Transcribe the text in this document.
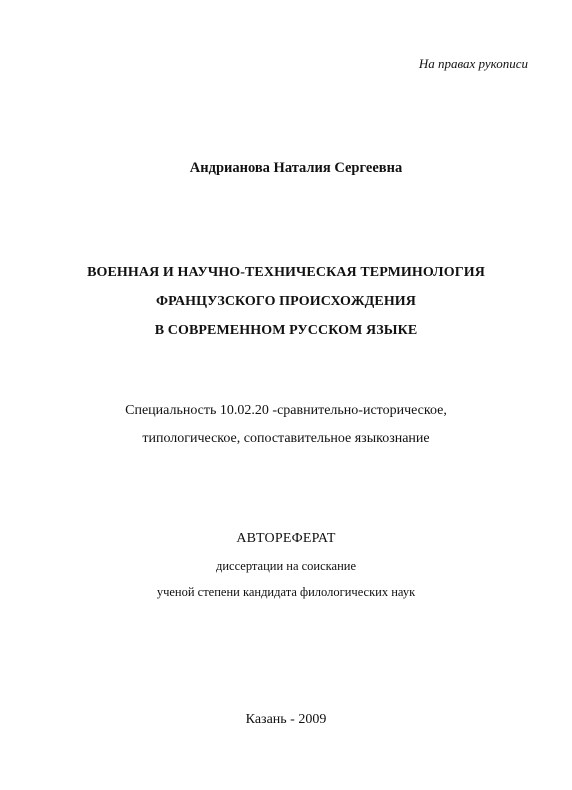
На правах рукописи
Андрианова Наталия Сергеевна
ВОЕННАЯ И НАУЧНО-ТЕХНИЧЕСКАЯ ТЕРМИНОЛОГИЯ
ФРАНЦУЗСКОГО ПРОИСХОЖДЕНИЯ
В СОВРЕМЕННОМ РУССКОМ ЯЗЫКЕ
Специальность 10.02.20 -сравнительно-историческое,
типологическое, сопоставительное языкознание
АВТОРЕФЕРАТ
диссертации на соискание
ученой степени кандидата филологических наук
Казань - 2009
